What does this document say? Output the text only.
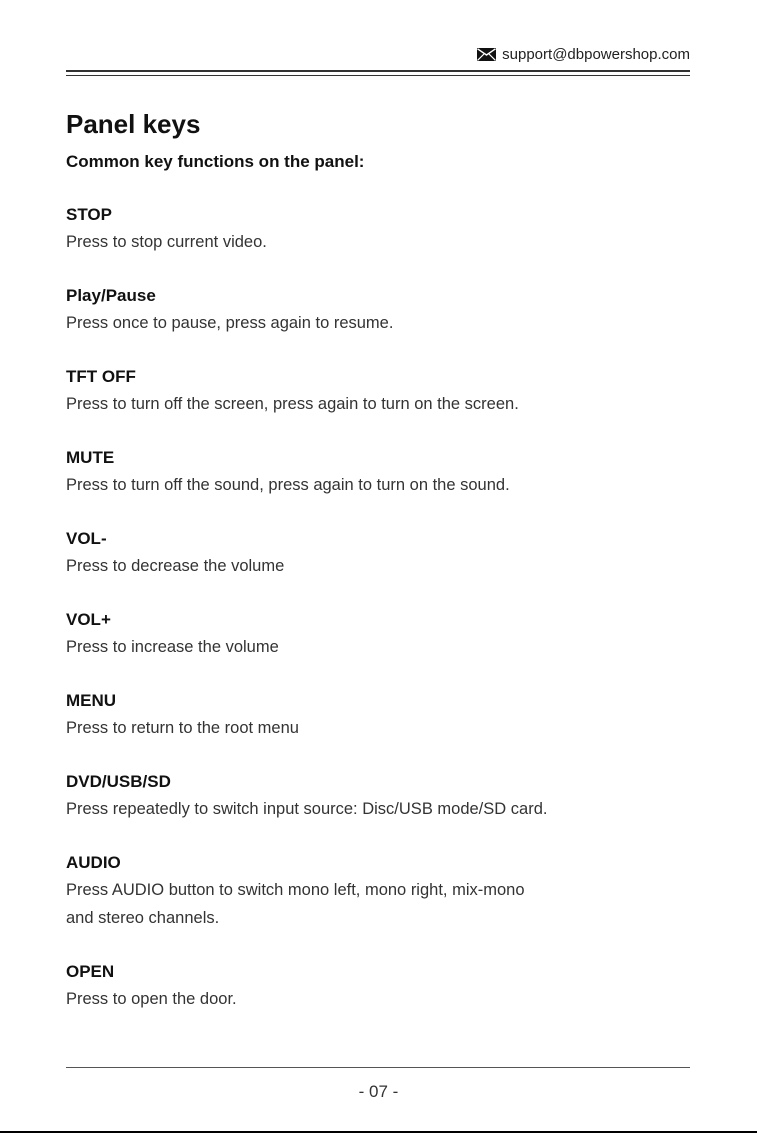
support@dbpowershop.com
Panel keys

Common key functions on the panel:

STOP

Press to stop current video.

Play/Pause

Press once to pause, press again to resume.

TFT OFF

Press to turn off the screen, press again to turn on the screen.

MUTE

Press to turn off the sound, press again to turn on the sound.

VOL-

Press to decrease the volume

VOL+

Press to increase the volume

MENU

Press to return to the root menu

DVD/USB/SD

Press repeatedly to switch input source: Disc/USB mode/SD card.

AUDIO

Press AUDIO button to switch mono left, mono right, mix-mono
and stereo channels.

OPEN

Press to open the door.

- 07 -
